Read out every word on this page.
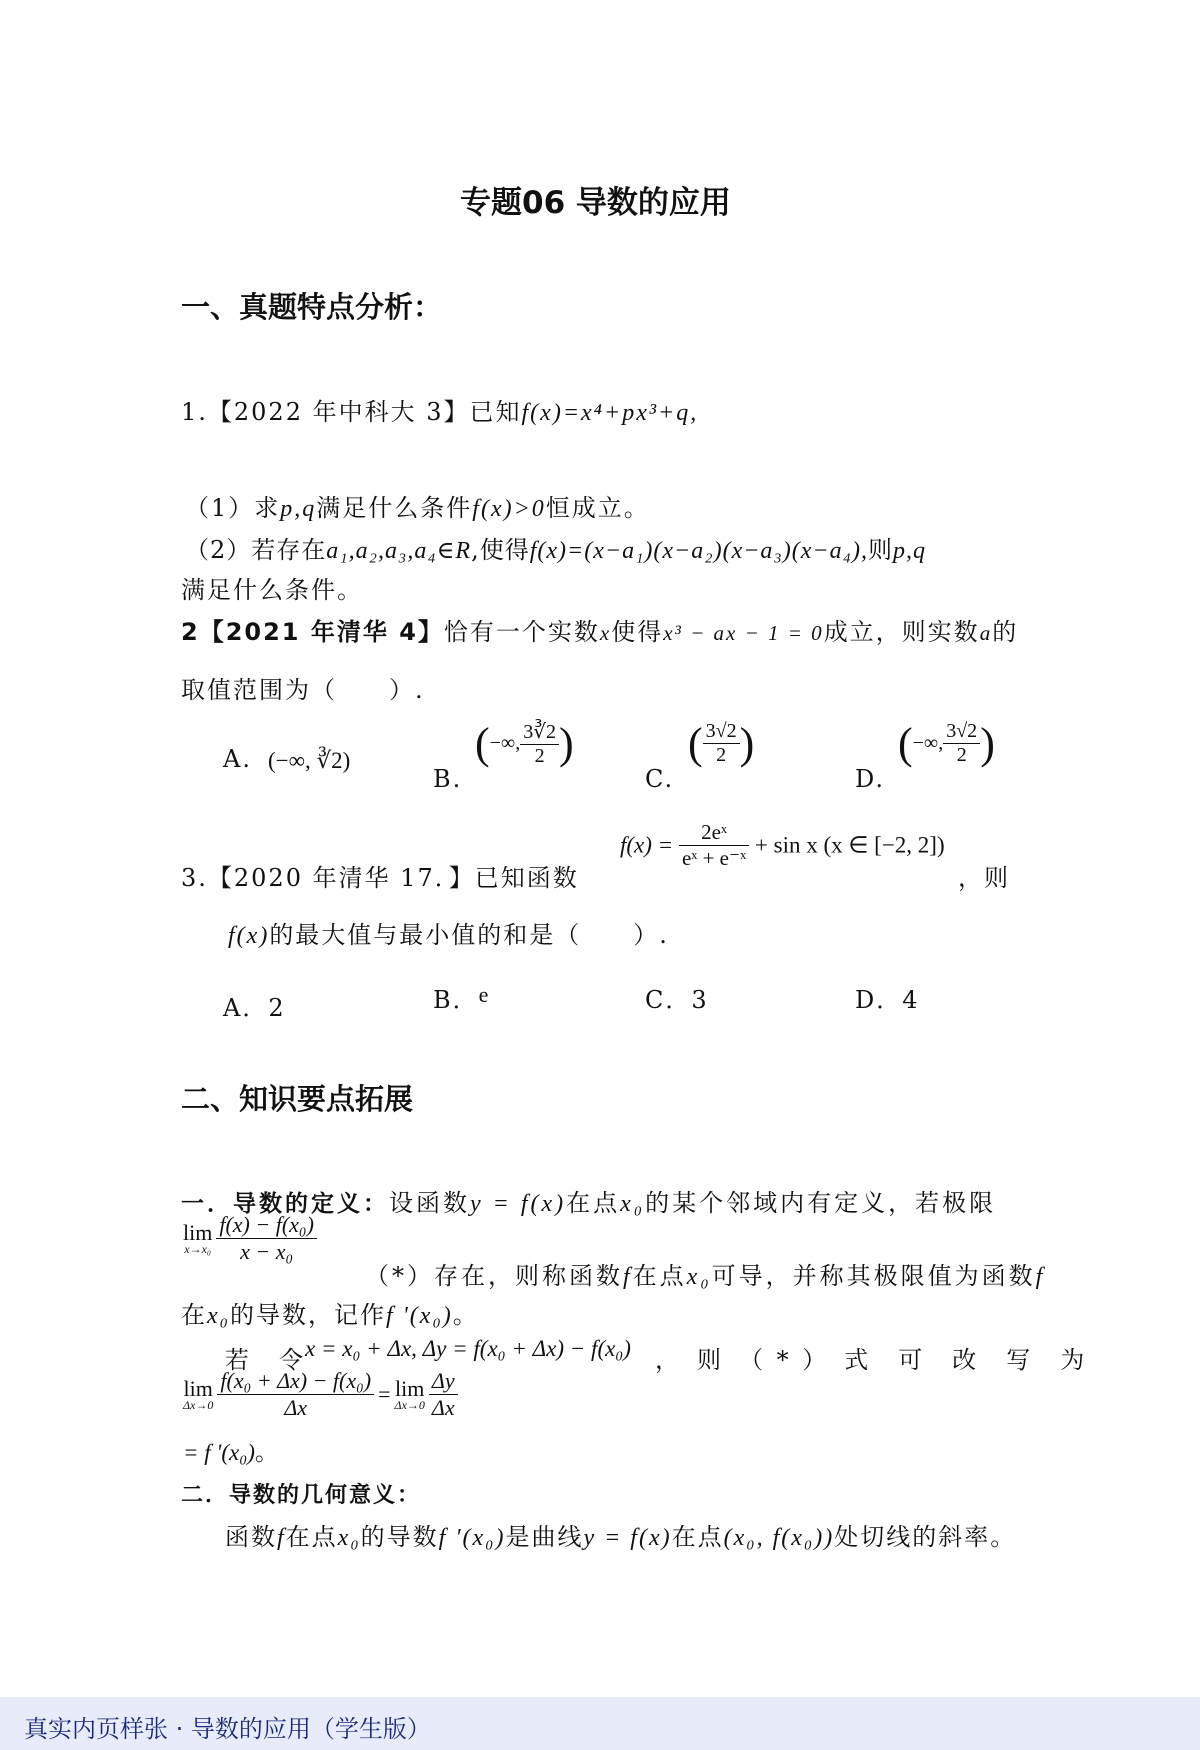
专题06 导数的应用
一、真题特点分析：
1.【2022 年中科大 3】已知f(x)=x⁴+px³+q,
（1）求p,q满足什么条件f(x)>0恒成立。
（2）若存在a₁,a₂,a₃,a₄∈R,使得f(x)=(x−a₁)(x−a₂)(x−a₃)(x−a₄),则p,q
满足什么条件。
2【2021 年清华 4】恰有一个实数x使得x³ − ax − 1 = 0成立，则实数a的
取值范围为（　　）.
A. (−∞, ∛2)
B.
(−∞, $\frac{3∛2}{2}$ )
C.
( $\frac{3√2}{2}$ )
D.
(−∞, $\frac{3√2}{2}$ )
3.【2020 年清华 17．】已知函数
$f(x) = \frac{\text{2eˣ}}{\text{eˣ + e⁻ˣ}} + \sin x$ (x ∈ [−2, 2])
，则
f(x)的最大值与最小值的和是（　　）.
A．2	B．e	C．3	D．4
二、知识要点拓展
一．导数的定义：设函数y = f(x)在点x₀的某个邻域内有定义，若极限
lim
x→x₀
$\frac{\text{f(x) − f(x₀)}}{\text{x − x₀}}$
（*）存在，则称函数f在点x₀可导，并称其极限值为函数f
在x₀的导数，记作f '(x₀)。
若　令 x = x₀ + Δx, Δy = f(x₀ + Δx) − f(x₀) ，　则　（ * ）　式　可　改　写　为
lim
Δx→0
$\frac{\text{f(x₀ + Δx) − f(x₀)}}{\Delta x} = \lim$
Δx→0
$\frac{\Delta y}{\Delta x}$
= f '(x₀)。
二．导数的几何意义：
函数f在点x₀的导数f '(x₀)是曲线y = f(x)在点(x₀, f(x₀))处切线的斜率。
真实内页样张 · 导数的应用（学生版）
